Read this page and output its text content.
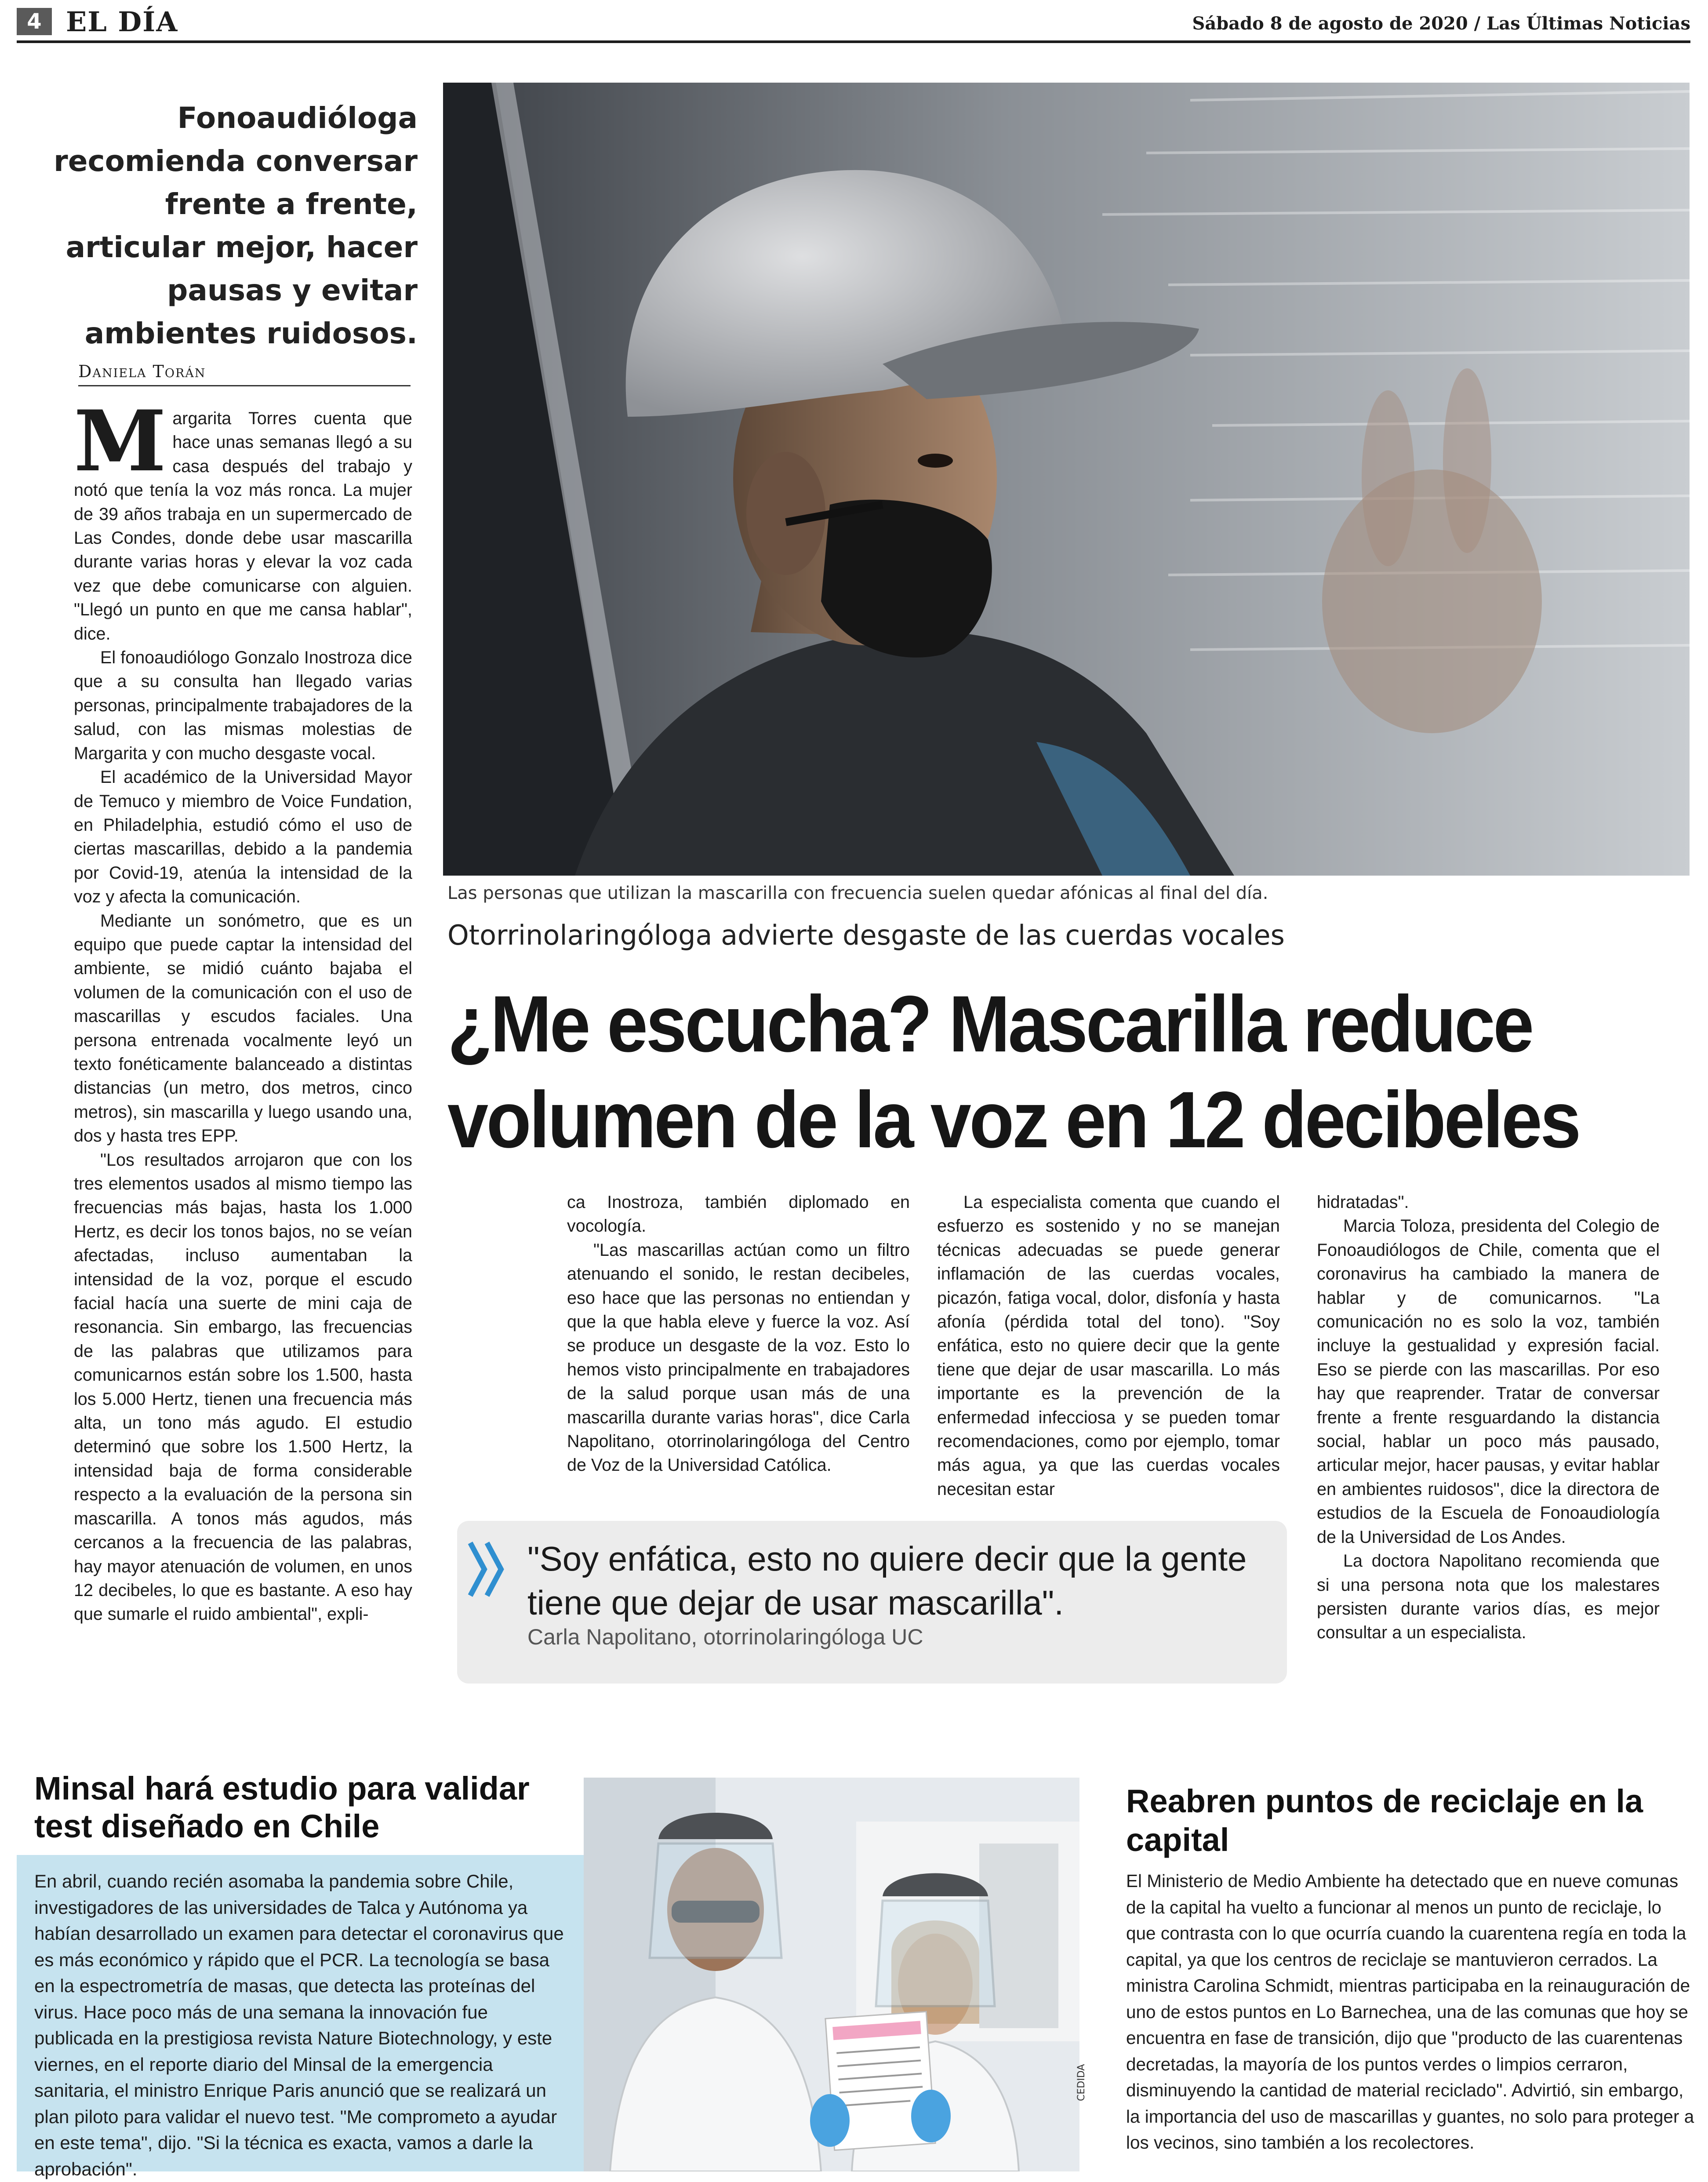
4 EL DÍA	Sábado 8 de agosto de 2020 / Las Últimas Noticias
Fonoaudióloga recomienda conversar frente a frente, articular mejor, hacer pausas y evitar ambientes ruidosos.
Daniela Torán

Margarita Torres cuenta que hace unas semanas llegó a su casa después del trabajo y notó que tenía la voz más ronca. La mujer de 39 años trabaja en un supermercado de Las Condes, donde debe usar mascarilla durante varias horas y elevar la voz cada vez que debe comunicarse con alguien. "Llegó un punto en que me cansa hablar", dice.

El fonoaudiólogo Gonzalo Inostroza dice que a su consulta han llegado varias personas, principalmente trabajadores de la salud, con las mismas molestias de Margarita y con mucho desgaste vocal.

El académico de la Universidad Mayor de Temuco y miembro de Voice Fundation, en Philadelphia, estudió cómo el uso de ciertas mascarillas, debido a la pandemia por Covid-19, atenúa la intensidad de la voz y afecta la comunicación.

Mediante un sonómetro, que es un equipo que puede captar la intensidad del ambiente, se midió cuánto bajaba el volumen de la comunicación con el uso de mascarillas y escudos faciales. Una persona entrenada vocalmente leyó un texto fonéticamente balanceado a distintas distancias (un metro, dos metros, cinco metros), sin mascarilla y luego usando una, dos y hasta tres EPP.

"Los resultados arrojaron que con los tres elementos usados al mismo tiempo las frecuencias más bajas, hasta los 1.000 Hertz, es decir los tonos bajos, no se veían afectadas, incluso aumentaban la intensidad de la voz, porque el escudo facial hacía una suerte de mini caja de resonancia. Sin embargo, las frecuencias de las palabras que utilizamos para comunicarnos están sobre los 1.500, hasta los 5.000 Hertz, tienen una frecuencia más alta, un tono más agudo. El estudio determinó que sobre los 1.500 Hertz, la intensidad baja de forma considerable respecto a la evaluación de la persona sin mascarilla. A tonos más agudos, más cercanos a la frecuencia de las palabras, hay mayor atenuación de volumen, en unos 12 decibeles, lo que es bastante. A eso hay que sumarle el ruido ambiental", expli-

Las personas que utilizan la mascarilla con frecuencia suelen quedar afónicas al final del día.
Otorrinolaringóloga advierte desgaste de las cuerdas vocales
¿Me escucha? Mascarilla reduce
volumen de la voz en 12 decibeles

ca Inostroza, también diplomado en vocología.

"Las mascarillas actúan como un filtro atenuando el sonido, le restan decibeles, eso hace que las personas no entiendan y que la que habla eleve y fuerce la voz. Así se produce un desgaste de la voz. Esto lo hemos visto principalmente en trabajadores de la salud porque usan más de una mascarilla durante varias horas", dice Carla Napolitano, otorrinolaringóloga del Centro de Voz de la Universidad Católica.

La especialista comenta que cuando el esfuerzo es sostenido y no se manejan técnicas adecuadas se puede generar inflamación de las cuerdas vocales, picazón, fatiga vocal, dolor, disfonía y hasta afonía (pérdida total del tono). "Soy enfática, esto no quiere decir que la gente tiene que dejar de usar mascarilla. Lo más importante es la prevención de la enfermedad infecciosa y se pueden tomar recomendaciones, como por ejemplo, tomar más agua, ya que las cuerdas vocales necesitan estar

hidratadas".

Marcia Toloza, presidenta del Colegio de Fonoaudiólogos de Chile, comenta que el coronavirus ha cambiado la manera de hablar y de comunicarnos. "La comunicación no es solo la voz, también incluye la gestualidad y expresión facial. Eso se pierde con las mascarillas. Por eso hay que reaprender. Tratar de conversar frente a frente resguardando la distancia social, hablar un poco más pausado, articular mejor, hacer pausas, y evitar hablar en ambientes ruidosos", dice la directora de estudios de la Escuela de Fonoaudiología de la Universidad de Los Andes.

La doctora Napolitano recomienda que si una persona nota que los malestares persisten durante varios días, es mejor consultar a un especialista.

"Soy enfática, esto no quiere decir que la gente tiene que dejar de usar mascarilla".
Carla Napolitano, otorrinolaringóloga UC
Minsal hará estudio para validar test diseñado en Chile
En abril, cuando recién asomaba la pandemia sobre Chile, investigadores de las universidades de Talca y Autónoma ya habían desarrollado un examen para detectar el coronavirus que es más económico y rápido que el PCR. La tecnología se basa en la espectrometría de masas, que detecta las proteínas del virus. Hace poco más de una semana la innovación fue publicada en la prestigiosa revista Nature Biotechnology, y este viernes, en el reporte diario del Minsal de la emergencia sanitaria, el ministro Enrique Paris anunció que se realizará un plan piloto para validar el nuevo test. "Me comprometo a ayudar en este tema", dijo. "Si la técnica es exacta, vamos a darle la aprobación".
CEDIDA
Reabren puntos de reciclaje en la capital
El Ministerio de Medio Ambiente ha detectado que en nueve comunas de la capital ha vuelto a funcionar al menos un punto de reciclaje, lo que contrasta con lo que ocurría cuando la cuarentena regía en toda la capital, ya que los centros de reciclaje se mantuvieron cerrados. La ministra Carolina Schmidt, mientras participaba en la reinauguración de uno de estos puntos en Lo Barnechea, una de las comunas que hoy se encuentra en fase de transición, dijo que "producto de las cuarentenas decretadas, la mayoría de los puntos verdes o limpios cerraron, disminuyendo la cantidad de material reciclado". Advirtió, sin embargo, la importancia del uso de mascarillas y guantes, no solo para proteger a los vecinos, sino también a los recolectores.
